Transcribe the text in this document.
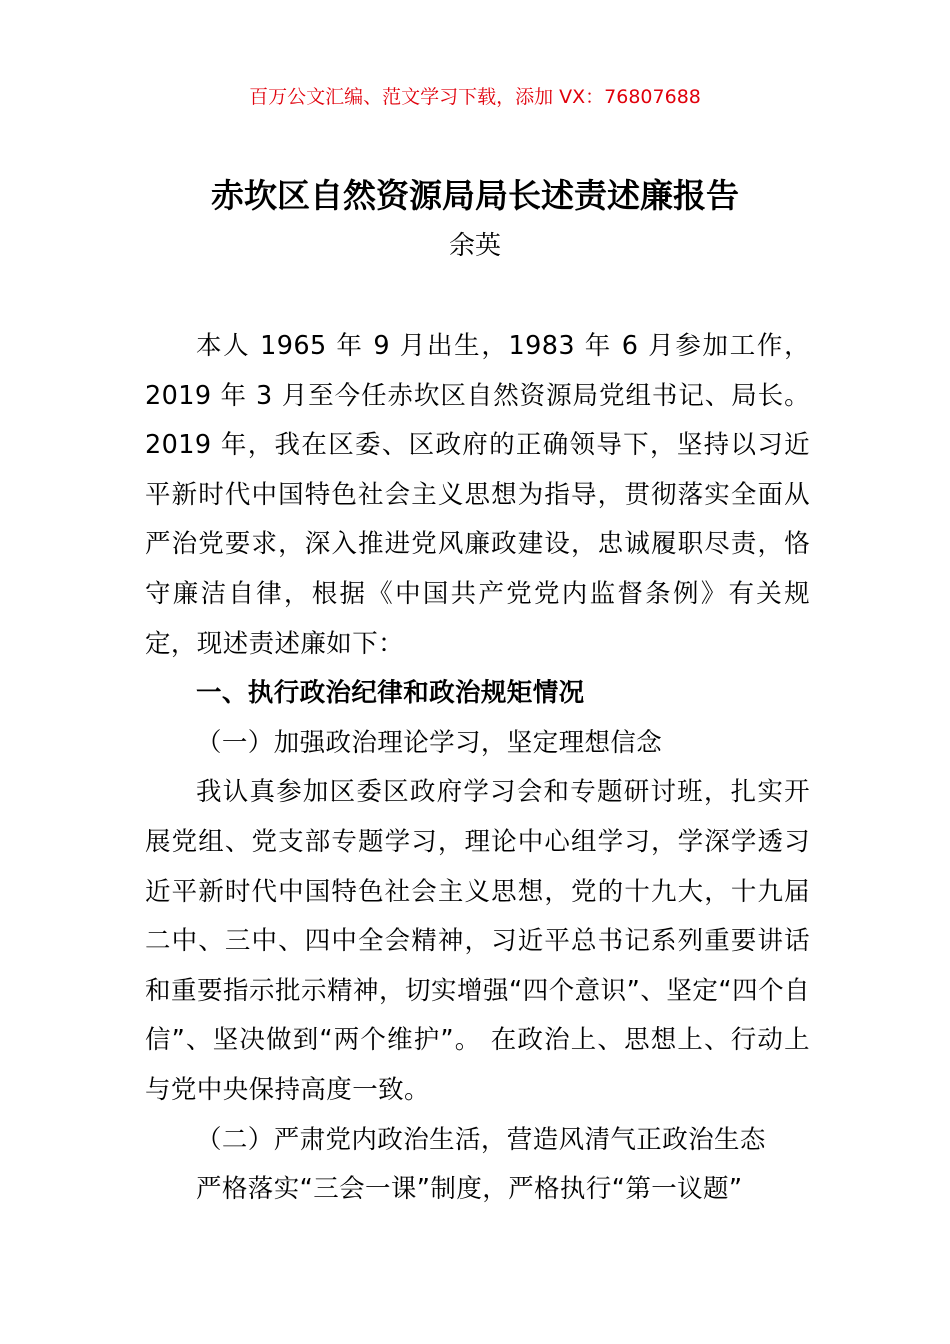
百万公文汇编、范文学习下载，添加 VX：76807688
赤坎区自然资源局局长述责述廉报告
余英

本人 1965 年 9 月出生，1983 年 6 月参加工作，2019 年 3 月至今任赤坎区自然资源局党组书记、局长。2019 年，我在区委、区政府的正确领导下，坚持以习近平新时代中国特色社会主义思想为指导，贯彻落实全面从严治党要求，深入推进党风廉政建设，忠诚履职尽责，恪守廉洁自律，根据《中国共产党党内监督条例》有关规定，现述责述廉如下：

一、执行政治纪律和政治规矩情况

（一）加强政治理论学习，坚定理想信念

我认真参加区委区政府学习会和专题研讨班，扎实开展党组、党支部专题学习，理论中心组学习，学深学透习近平新时代中国特色社会主义思想，党的十九大，十九届二中、三中、四中全会精神，习近平总书记系列重要讲话和重要指示批示精神，切实增强“四个意识”、坚定“四个自信”、坚决做到“两个维护”。 在政治上、思想上、行动上与党中央保持高度一致。

（二）严肃党内政治生活，营造风清气正政治生态

严格落实“三会一课”制度，严格执行“第一议题”
